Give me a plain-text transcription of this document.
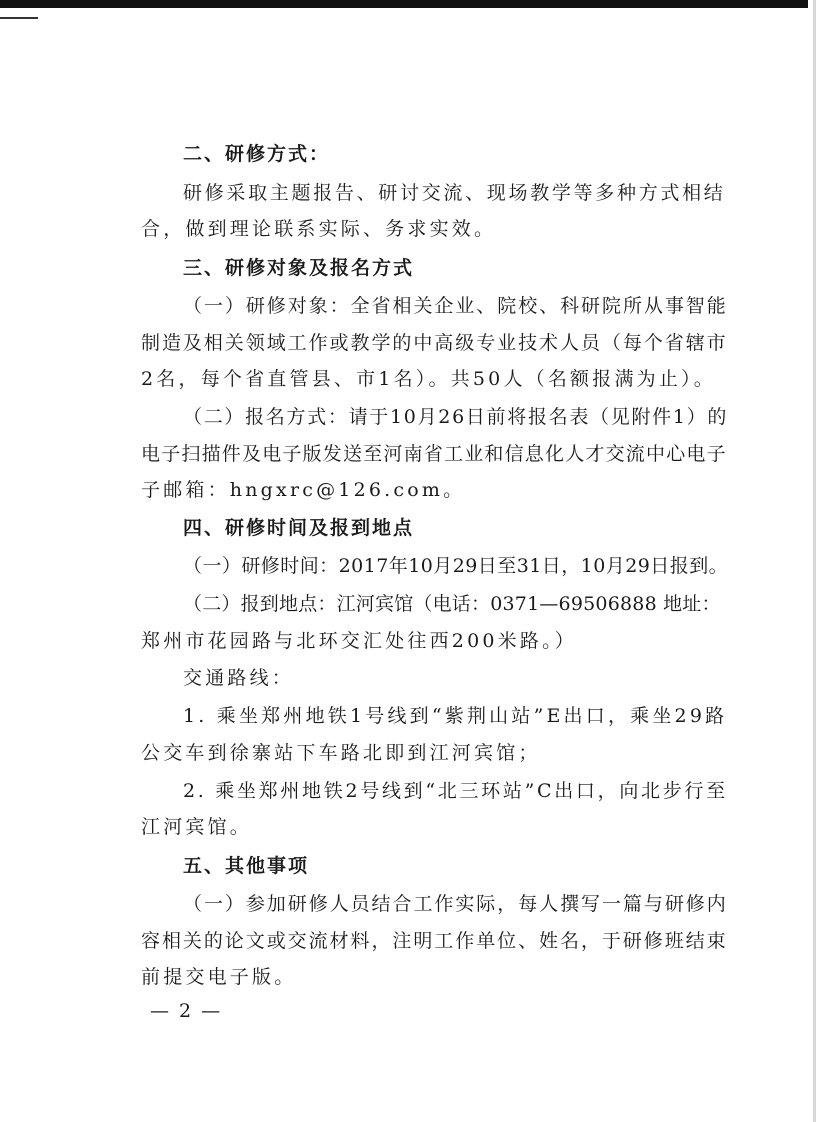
二、研修方式：
研修采取主题报告、研讨交流、现场教学等多种方式相结
合，做到理论联系实际、务求实效。
三、研修对象及报名方式
（一）研修对象：全省相关企业、院校、科研院所从事智能
制造及相关领域工作或教学的中高级专业技术人员（每个省辖市
2名，每个省直管县、市1名）。共50人（名额报满为止）。
（二）报名方式：请于10月26日前将报名表（见附件1）的
电子扫描件及电子版发送至河南省工业和信息化人才交流中心电子
子邮箱：hngxrc@126.com。
四、研修时间及报到地点
（一）研修时间：2017年10月29日至31日，10月29日报到。
（二）报到地点：江河宾馆（电话：0371—69506888 地址：
郑州市花园路与北环交汇处往西200米路。）
交通路线：
1. 乘坐郑州地铁1号线到“紫荆山站”E出口，乘坐29路
公交车到徐寨站下车路北即到江河宾馆；
2. 乘坐郑州地铁2号线到“北三环站”C出口，向北步行至
江河宾馆。
五、其他事项
（一）参加研修人员结合工作实际，每人撰写一篇与研修内
容相关的论文或交流材料，注明工作单位、姓名，于研修班结束
前提交电子版。
— 2 —
